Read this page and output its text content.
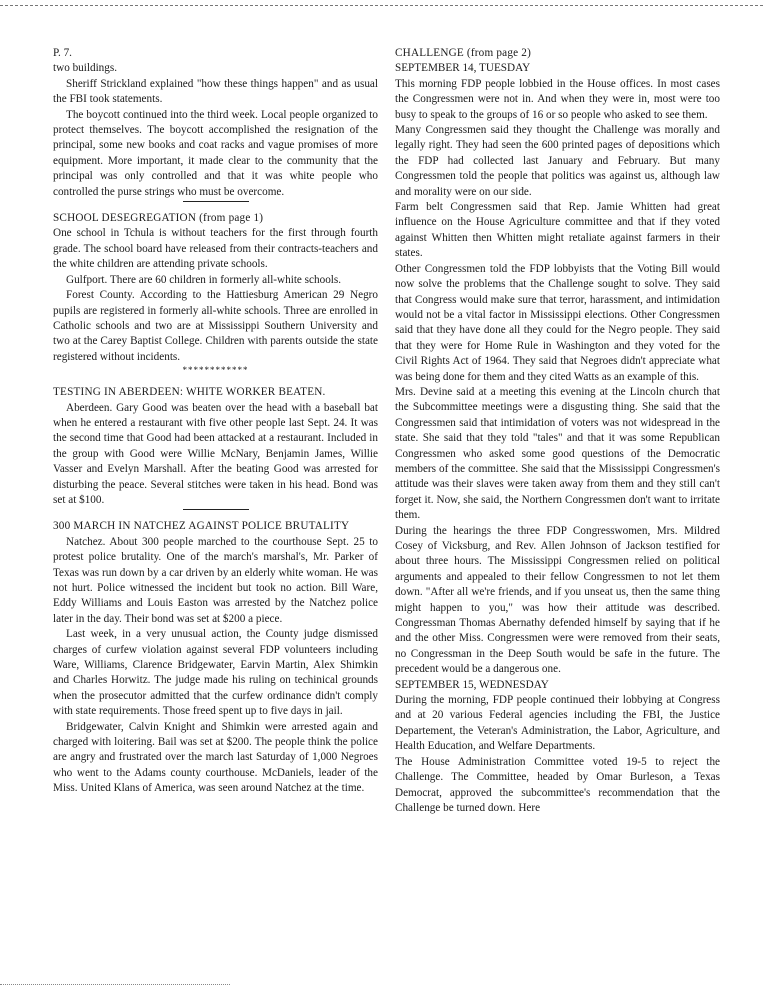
P. 7.

two buildings.

Sheriff Strickland explained "how these things happen" and as usual the FBI took statements.

The boycott continued into the third week. Local people organized to protect themselves. The boycott accomplished the resignation of the principal, some new books and coat racks and vague promises of more equipment. More important, it made clear to the community that the principal was only controlled and that it was white people who controlled the purse strings who must be overcome.

SCHOOL DESEGREGATION (from page 1)

One school in Tchula is without teachers for the first through fourth grade. The school board have released from their contracts-teachers and the white children are attending private schools.

Gulfport. There are 60 children in formerly all-white schools.

Forest County. According to the Hattiesburg American 29 Negro pupils are registered in formerly all-white schools. Three are enrolled in Catholic schools and two are at Mississippi Southern University and two at the Carey Baptist College. Children with parents outside the state registered without incidents.

************
TESTING IN ABERDEEN: WHITE WORKER BEATEN.

Aberdeen. Gary Good was beaten over the head with a baseball bat when he entered a restaurant with five other people last Sept. 24. It was the second time that Good had been attacked at a restaurant. Included in the group with Good were Willie McNary, Benjamin James, Willie Vasser and Evelyn Marshall. After the beating Good was arrested for disturbing the peace. Several stitches were taken in his head. Bond was set at $100.

300 MARCH IN NATCHEZ AGAINST POLICE BRUTALITY

Natchez. About 300 people marched to the courthouse Sept. 25 to protest police brutality. One of the march's marshal's, Mr. Parker of Texas was run down by a car driven by an elderly white woman. He was not hurt. Police witnessed the incident but took no action. Bill Ware, Eddy Williams and Louis Easton was arrested by the Natchez police later in the day. Their bond was set at $200 a piece.

Last week, in a very unusual action, the County judge dismissed charges of curfew violation against several FDP volunteers including Ware, Williams, Clarence Bridgewater, Earvin Martin, Alex Shimkin and Charles Horwitz. The judge made his ruling on techinical grounds when the prosecutor admitted that the curfew ordinance didn't comply with state requirements. Those freed spent up to five days in jail.

Bridgewater, Calvin Knight and Shimkin were arrested again and charged with loitering. Bail was set at $200. The people think the police are angry and frustrated over the march last Saturday of 1,000 Negroes who went to the Adams county courthouse. McDaniels, leader of the Miss. United Klans of America, was seen around Natchez at the time.

CHALLENGE (from page 2)

SEPTEMBER 14, TUESDAY

This morning FDP people lobbied in the House offices. In most cases the Congressmen were not in. And when they were in, most were too busy to speak to the groups of 16 or so people who asked to see them.

Many Congressmen said they thought the Challenge was morally and legally right. They had seen the 600 printed pages of depositions which the FDP had collected last January and February. But many Congressmen told the people that politics was against us, although law and morality were on our side.

Farm belt Congressmen said that Rep. Jamie Whitten had great influence on the House Agriculture committee and that if they voted against Whitten then Whitten might retaliate against farmers in their states.

Other Congressmen told the FDP lobbyists that the Voting Bill would now solve the problems that the Challenge sought to solve. They said that Congress would make sure that terror, harassment, and intimidation would not be a vital factor in Mississippi elections. Other Congressmen said that they have done all they could for the Negro people. They said that they were for Home Rule in Washington and they voted for the Civil Rights Act of 1964. They said that Negroes didn't appreciate what was being done for them and they cited Watts as an example of this.

Mrs. Devine said at a meeting this evening at the Lincoln church that the Subcommittee meetings were a disgusting thing. She said that the Congressmen said that intimidation of voters was not widespread in the state. She said that they told "tales" and that it was some Republican Congressmen who asked some good questions of the Democratic members of the committee. She said that the Mississippi Congressmen's attitude was their slaves were taken away from them and they still can't forget it. Now, she said, the Northern Congressmen don't want to irritate them.

During the hearings the three FDP Congresswomen, Mrs. Mildred Cosey of Vicksburg, and Rev. Allen Johnson of Jackson testified for about three hours. The Mississippi Congressmen relied on political arguments and appealed to their fellow Congressmen to not let them down. "After all we're friends, and if you unseat us, then the same thing might happen to you," was how their attitude was described. Congressman Thomas Abernathy defended himself by saying that if he and the other Miss. Congressmen were were removed from their seats, no Congressman in the Deep South would be safe in the future. The precedent would be a dangerous one.

SEPTEMBER 15, WEDNESDAY

During the morning, FDP people continued their lobbying at Congress and at 20 various Federal agencies including the FBI, the Justice Departement, the Veteran's Administration, the Labor, Agriculture, and Health Education, and Welfare Departments.

The House Administration Committee voted 19-5 to reject the Challenge. The Committee, headed by Omar Burleson, a Texas Democrat, approved the subcommittee's recommendation that the Challenge be turned down. Here
